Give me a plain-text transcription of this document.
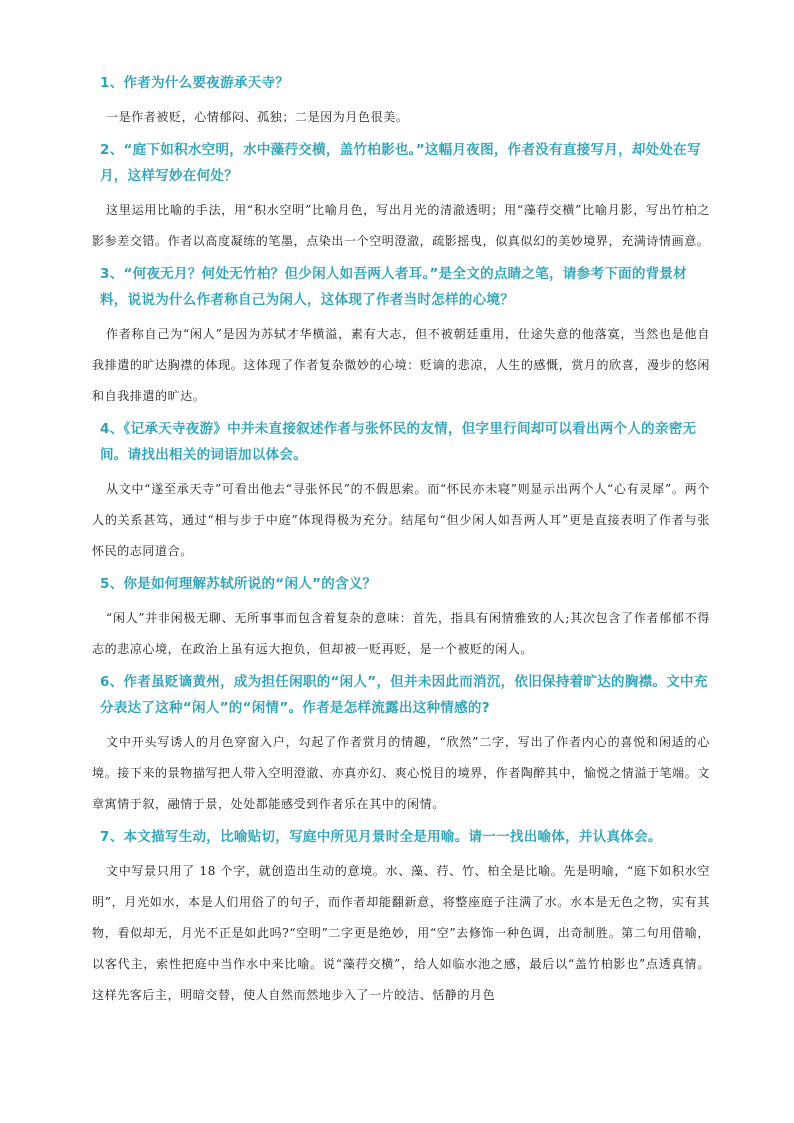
1、作者为什么要夜游承天寺？

一是作者被贬，心情郁闷、孤独；二是因为月色很美。

2、“庭下如积水空明，水中藻荇交横，盖竹柏影也。”这幅月夜图，作者没有直接写月，却处处在写月，这样写妙在何处？

这里运用比喻的手法，用“积水空明”比喻月色，写出月光的清澈透明；用“藻荇交横”比喻月影，写出竹柏之影参差交错。作者以高度凝练的笔墨，点染出一个空明澄澈，疏影摇曳，似真似幻的美妙境界，充满诗情画意。

3、“何夜无月？何处无竹柏？但少闲人如吾两人者耳。”是全文的点睛之笔，请参考下面的背景材料，说说为什么作者称自己为闲人，这体现了作者当时怎样的心境？

作者称自己为“闲人”是因为苏轼才华横溢，素有大志，但不被朝廷重用，仕途失意的他落寞，当然也是他自我排遣的旷达胸襟的体现。这体现了作者复杂微妙的心境：贬谪的悲凉，人生的感慨，赏月的欣喜，漫步的悠闲和自我排遣的旷达。

4、《记承天寺夜游》中并未直接叙述作者与张怀民的友情，但字里行间却可以看出两个人的亲密无间。请找出相关的词语加以体会。

从文中“遂至承天寺”可看出他去“寻张怀民”的不假思索。而“怀民亦未寝”则显示出两个人“心有灵犀”。两个人的关系甚笃，通过“相与步于中庭”体现得极为充分。结尾句“但少闲人如吾两人耳”更是直接表明了作者与张怀民的志同道合。

5、你是如何理解苏轼所说的“闲人”的含义？

“闲人”并非闲极无聊、无所事事而包含着复杂的意味：首先，指具有闲情雅致的人;其次包含了作者郁郁不得志的悲凉心境，在政治上虽有远大抱负，但却被一贬再贬，是一个被贬的闲人。

6、作者虽贬谪黄州，成为担任闲职的“闲人”，但并未因此而消沉，依旧保持着旷达的胸襟。文中充分表达了这种“闲人”的“闲情”。作者是怎样流露出这种情感的?

文中开头写诱人的月色穿窗入户，勾起了作者赏月的情趣，“欣然”二字，写出了作者内心的喜悦和闲适的心境。接下来的景物描写把人带入空明澄澈、亦真亦幻、爽心悦目的境界，作者陶醉其中，愉悦之情溢于笔端。文章寓情于叙，融情于景，处处都能感受到作者乐在其中的闲情。

7、本文描写生动，比喻贴切，写庭中所见月景时全是用喻。请一一找出喻体，并认真体会。

文中写景只用了 18 个字，就创造出生动的意境。水、藻、荇、竹、柏全是比喻。先是明喻，“庭下如积水空明”，月光如水，本是人们用俗了的句子，而作者却能翻新意，将整座庭子注满了水。水本是无色之物，实有其物，看似却无，月光不正是如此吗?“空明”二字更是绝妙，用“空”去修饰一种色调，出奇制胜。第二句用借喻，以客代主，索性把庭中当作水中来比喻。说“藻荇交横”，给人如临水池之感，最后以“盖竹柏影也”点透真情。这样先客后主，明暗交替，使人自然而然地步入了一片皎洁、恬静的月色
